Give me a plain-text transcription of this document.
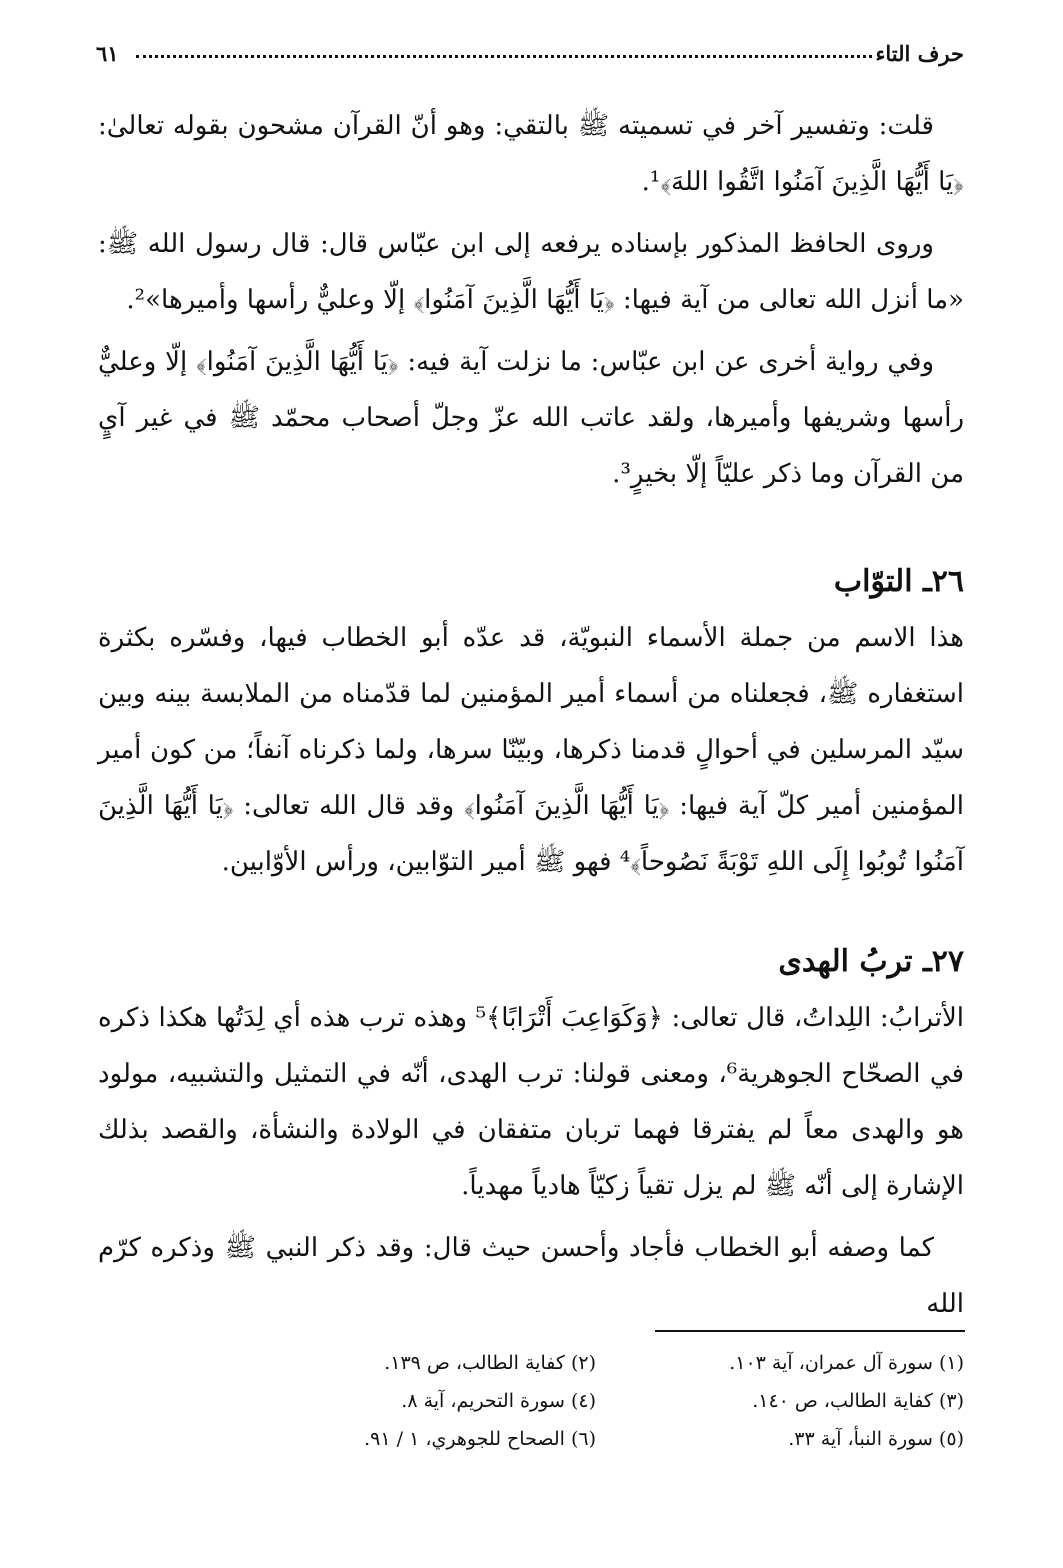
حرف التاء
٦١

قلت: وتفسير آخر في تسميته ﷺ بالتقي: وهو أنّ القرآن مشحون بقوله تعالىٰ: ﴿يَا أَيُّهَا الَّذِينَ آمَنُوا اتَّقُوا اللهَ﴾¹.

وروى الحافظ المذكور بإسناده يرفعه إلى ابن عبّاس قال: قال رسول الله ﷺ: «ما أنزل الله تعالى من آية فيها: ﴿يَا أَيُّهَا الَّذِينَ آمَنُوا﴾ إلّا وعليٌّ رأسها وأميرها»².

وفي رواية أخرى عن ابن عبّاس: ما نزلت آية فيه: ﴿يَا أَيُّهَا الَّذِينَ آمَنُوا﴾ إلّا وعليٌّ رأسها وشريفها وأميرها، ولقد عاتب الله عزّ وجلّ أصحاب محمّد ﷺ في غير آيٍ من القرآن وما ذكر عليّاً إلّا بخيرٍ³.

٢٦ـ التوّاب

هذا الاسم من جملة الأسماء النبويّة، قد عدّه أبو الخطاب فيها، وفسّره بكثرة استغفاره ﷺ، فجعلناه من أسماء أمير المؤمنين لما قدّمناه من الملابسة بينه وبين سيّد المرسلين في أحوالٍ قدمنا ذكرها، وبيّنّا سرها، ولما ذكرناه آنفاً؛ من كون أمير المؤمنين أمير كلّ آية فيها: ﴿يَا أَيُّهَا الَّذِينَ آمَنُوا﴾ وقد قال الله تعالى: ﴿يَا أَيُّهَا الَّذِينَ آمَنُوا تُوبُوا إِلَى اللهِ تَوْبَةً نَصُوحاً﴾⁴ فهو ﷺ أمير التوّابين، ورأس الأوّابين.

٢٧ـ تربُ الهدى

الأترابُ: اللِداتُ، قال تعالى: ﴿وَكَوَاعِبَ أَتْرَابًا﴾⁵ وهذه ترب هذه أي لِدَتُها هكذا ذكره في الصحّاح الجوهرية⁶، ومعنى قولنا: ترب الهدى، أنّه في التمثيل والتشبيه، مولود هو والهدى معاً لم يفترقا فهما تربان متفقان في الولادة والنشأة، والقصد بذلك الإشارة إلى أنّه ﷺ لم يزل تقياً زكيّاً هادياً مهدياً.

كما وصفه أبو الخطاب فأجاد وأحسن حيث قال: وقد ذكر النبي ﷺ وذكره كرّم الله

(١) سورة آل عمران، آية ١٠٣.
(٢) كفاية الطالب، ص ١٣٩.
(٣) كفاية الطالب، ص ١٤٠.
(٤) سورة التحريم، آية ٨.
(٥) سورة النبأ، آية ٣٣.
(٦) الصحاح للجوهري، ١ / ٩١.
